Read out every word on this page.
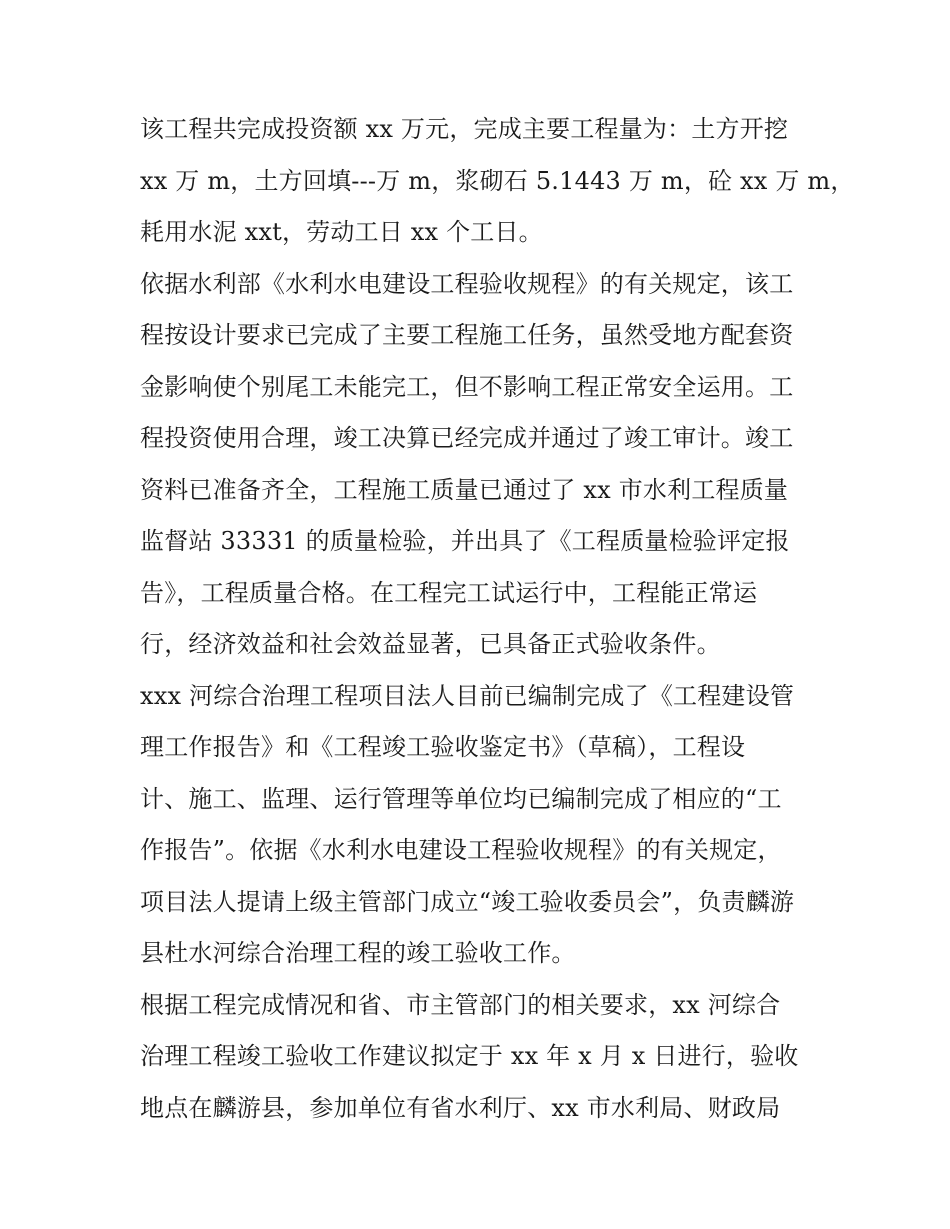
该工程共完成投资额 xx 万元，完成主要工程量为：土方开挖
xx 万 m，土方回填---万 m，浆砌石 5.1443 万 m，砼 xx 万 m，
耗用水泥 xxt，劳动工日 xx 个工日。

依据水利部《水利水电建设工程验收规程》的有关规定，该工
程按设计要求已完成了主要工程施工任务，虽然受地方配套资
金影响使个别尾工未能完工，但不影响工程正常安全运用。工
程投资使用合理，竣工决算已经完成并通过了竣工审计。竣工
资料已准备齐全，工程施工质量已通过了 xx 市水利工程质量
监督站 33331 的质量检验，并出具了《工程质量检验评定报
告》，工程质量合格。在工程完工试运行中，工程能正常运
行，经济效益和社会效益显著，已具备正式验收条件。

xxx 河综合治理工程项目法人目前已编制完成了《工程建设管
理工作报告》和《工程竣工验收鉴定书》（草稿），工程设
计、施工、监理、运行管理等单位均已编制完成了相应的“工
作报告”。依据《水利水电建设工程验收规程》的有关规定，
项目法人提请上级主管部门成立“竣工验收委员会”，负责麟游
县杜水河综合治理工程的竣工验收工作。

根据工程完成情况和省、市主管部门的相关要求，xx 河综合
治理工程竣工验收工作建议拟定于 xx 年 x 月 x 日进行，验收
地点在麟游县，参加单位有省水利厅、xx 市水利局、财政局
